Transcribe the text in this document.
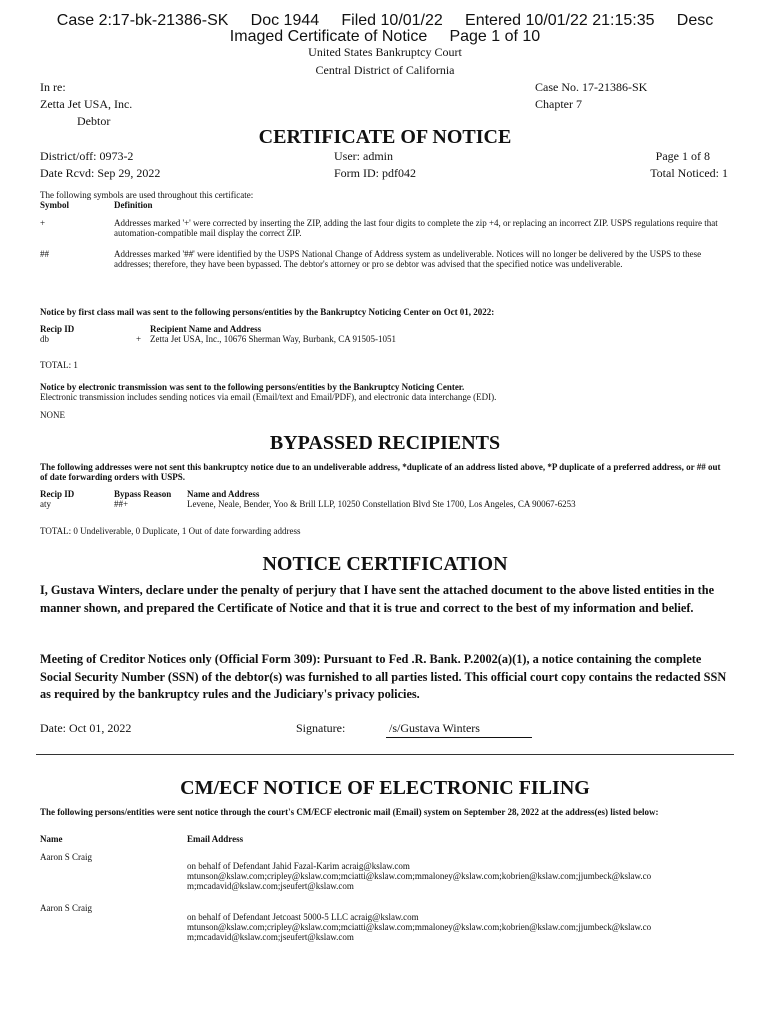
Case 2:17-bk-21386-SK Doc 1944 Filed 10/01/22 Entered 10/01/22 21:15:35 Desc
Imaged Certificate of Notice     Page 1 of 10
United States Bankruptcy Court
Central District of California
In re:
Zetta Jet USA, Inc.
Debtor
Case No. 17-21386-SK
Chapter 7
CERTIFICATE OF NOTICE
District/off: 0973-2
Date Rcvd: Sep 29, 2022
User: admin
Form ID: pdf042
Page 1 of 8
Total Noticed: 1
The following symbols are used throughout this certificate:
Symbol	Definition
+	Addresses marked '+' were corrected by inserting the ZIP, adding the last four digits to complete the zip +4, or replacing an incorrect ZIP. USPS regulations require that automation-compatible mail display the correct ZIP.
##	Addresses marked '##' were identified by the USPS National Change of Address system as undeliverable. Notices will no longer be delivered by the USPS to these addresses; therefore, they have been bypassed. The debtor's attorney or pro se debtor was advised that the specified notice was undeliverable.
Notice by first class mail was sent to the following persons/entities by the Bankruptcy Noticing Center on Oct 01, 2022:
Recip ID	Recipient Name and Address
db	+ Zetta Jet USA, Inc., 10676 Sherman Way, Burbank, CA 91505-1051
TOTAL: 1
Notice by electronic transmission was sent to the following persons/entities by the Bankruptcy Noticing Center.
Electronic transmission includes sending notices via email (Email/text and Email/PDF), and electronic data interchange (EDI).
NONE
BYPASSED RECIPIENTS
The following addresses were not sent this bankruptcy notice due to an undeliverable address, *duplicate of an address listed above, *P duplicate of a preferred address, or ## out of date forwarding orders with USPS.
Recip ID	Bypass Reason Name and Address
aty	##+	Levene, Neale, Bender, Yoo & Brill LLP, 10250 Constellation Blvd Ste 1700, Los Angeles, CA 90067-6253
TOTAL: 0 Undeliverable, 0 Duplicate, 1 Out of date forwarding address
NOTICE CERTIFICATION
I, Gustava Winters, declare under the penalty of perjury that I have sent the attached document to the above listed entities in the manner shown, and prepared the Certificate of Notice and that it is true and correct to the best of my information and belief.
Meeting of Creditor Notices only (Official Form 309): Pursuant to Fed .R. Bank. P.2002(a)(1), a notice containing the complete Social Security Number (SSN) of the debtor(s) was furnished to all parties listed. This official court copy contains the redacted SSN as required by the bankruptcy rules and the Judiciary's privacy policies.
Date: Oct 01, 2022	Signature:	/s/Gustava Winters
CM/ECF NOTICE OF ELECTRONIC FILING
The following persons/entities were sent notice through the court's CM/ECF electronic mail (Email) system on September 28, 2022 at the address(es) listed below:
Name	Email Address
Aaron S Craig
on behalf of Defendant Jahid Fazal-Karim acraig@kslaw.com
mtunson@kslaw.com;cripley@kslaw.com;mciatti@kslaw.com;mmaloney@kslaw.com;kobrien@kslaw.com;jjumbeck@kslaw.co
m;mcadavid@kslaw.com;jseufert@kslaw.com
Aaron S Craig
on behalf of Defendant Jetcoast 5000-5 LLC acraig@kslaw.com
mtunson@kslaw.com;cripley@kslaw.com;mciatti@kslaw.com;mmaloney@kslaw.com;kobrien@kslaw.com;jjumbeck@kslaw.co
m;mcadavid@kslaw.com;jseufert@kslaw.com
